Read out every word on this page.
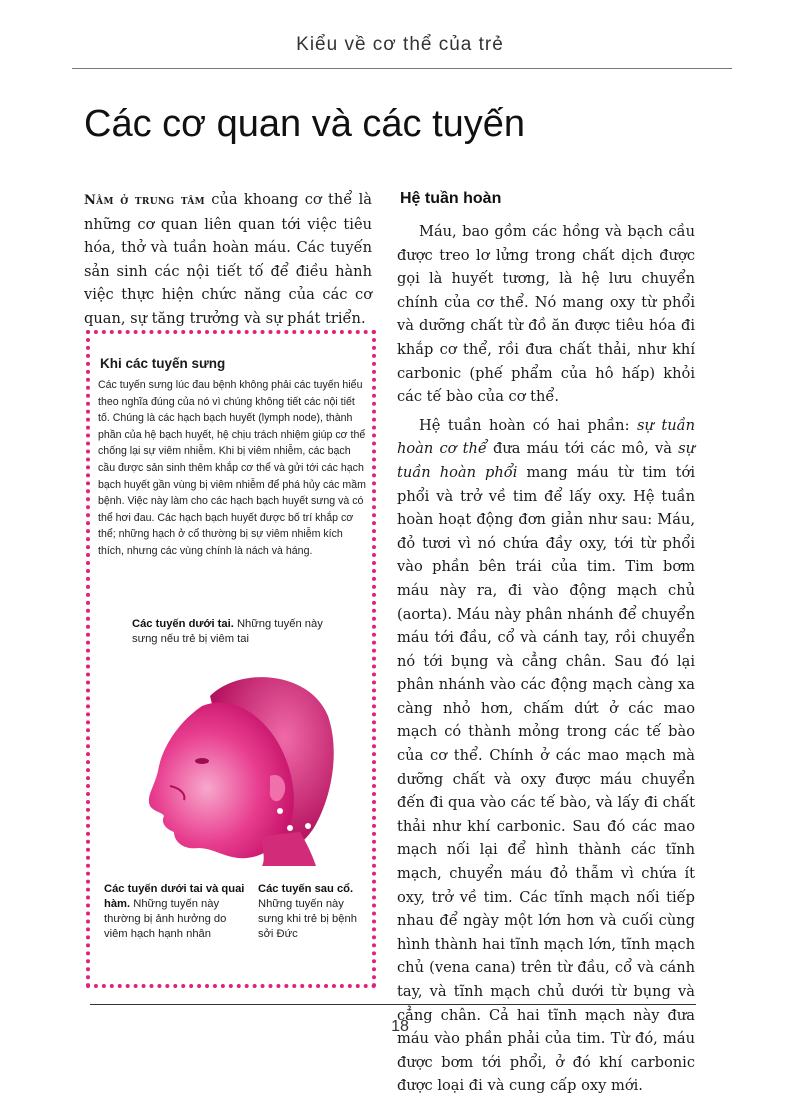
Kiểu về cơ thể của trẻ
Các cơ quan và các tuyến
Nằm ở trung tâm của khoang cơ thể là những cơ quan liên quan tới việc tiêu hóa, thở và tuần hoàn máu. Các tuyến sản sinh các nội tiết tố để điều hành việc thực hiện chức năng của các cơ quan, sự tăng trưởng và sự phát triển.
Khi các tuyến sưng
Các tuyến sưng lúc đau bệnh không phải các tuyến hiểu theo nghĩa đúng của nó vì chúng không tiết các nội tiết tố. Chúng là các hạch bạch huyết (lymph node), thành phần của hệ bạch huyết, hệ chịu trách nhiệm giúp cơ thể chống lại sự viêm nhiễm. Khi bị viêm nhiễm, các bạch cầu được sản sinh thêm khắp cơ thể và gửi tới các hạch bạch huyết gần vùng bị viêm nhiễm để phá hủy các mầm bệnh. Việc này làm cho các hạch bạch huyết sưng và có thể hơi đau. Các hạch bạch huyết được bố trí khắp cơ thể; những hạch ở cổ thường bị sự viêm nhiễm kích thích, nhưng các vùng chính là nách và háng.
Các tuyến dưới tai. Những tuyến này sưng nếu trẻ bị viêm tai
Các tuyến dưới tai và quai hàm. Những tuyến này thường bị ảnh hưởng do viêm hạch hạnh nhân
Các tuyến sau cổ. Những tuyến này sưng khi trẻ bị bệnh sởi Đức
Hệ tuần hoàn

Máu, bao gồm các hồng và bạch cầu được treo lơ lửng trong chất dịch được gọi là huyết tương, là hệ lưu chuyển chính của cơ thể. Nó mang oxy từ phổi và dưỡng chất từ đồ ăn được tiêu hóa đi khắp cơ thể, rồi đưa chất thải, như khí carbonic (phế phẩm của hô hấp) khỏi các tế bào của cơ thể.

Hệ tuần hoàn có hai phần: sự tuần hoàn cơ thể đưa máu tới các mô, và sự tuần hoàn phổi mang máu từ tim tới phổi và trở về tim để lấy oxy. Hệ tuần hoàn hoạt động đơn giản như sau: Máu, đỏ tươi vì nó chứa đầy oxy, tới từ phổi vào phần bên trái của tim. Tim bơm máu này ra, đi vào động mạch chủ (aorta). Máu này phân nhánh để chuyển máu tới đầu, cổ và cánh tay, rồi chuyển nó tới bụng và cẳng chân. Sau đó lại phân nhánh vào các động mạch càng xa càng nhỏ hơn, chấm dứt ở các mao mạch có thành mỏng trong các tế bào của cơ thể. Chính ở các mao mạch mà dưỡng chất và oxy được máu chuyển đến đi qua vào các tế bào, và lấy đi chất thải như khí carbonic. Sau đó các mao mạch nối lại để hình thành các tĩnh mạch, chuyển máu đỏ thẫm vì chứa ít oxy, trở về tim. Các tĩnh mạch nối tiếp nhau để ngày một lớn hơn và cuối cùng hình thành hai tĩnh mạch lớn, tĩnh mạch chủ (vena cana) trên từ đầu, cổ và cánh tay, và tĩnh mạch chủ dưới từ bụng và cẳng chân. Cả hai tĩnh mạch này đưa máu vào phần phải của tim. Từ đó, máu được bơm tới phổi, ở đó khí carbonic được loại đi và cung cấp oxy mới.

18
